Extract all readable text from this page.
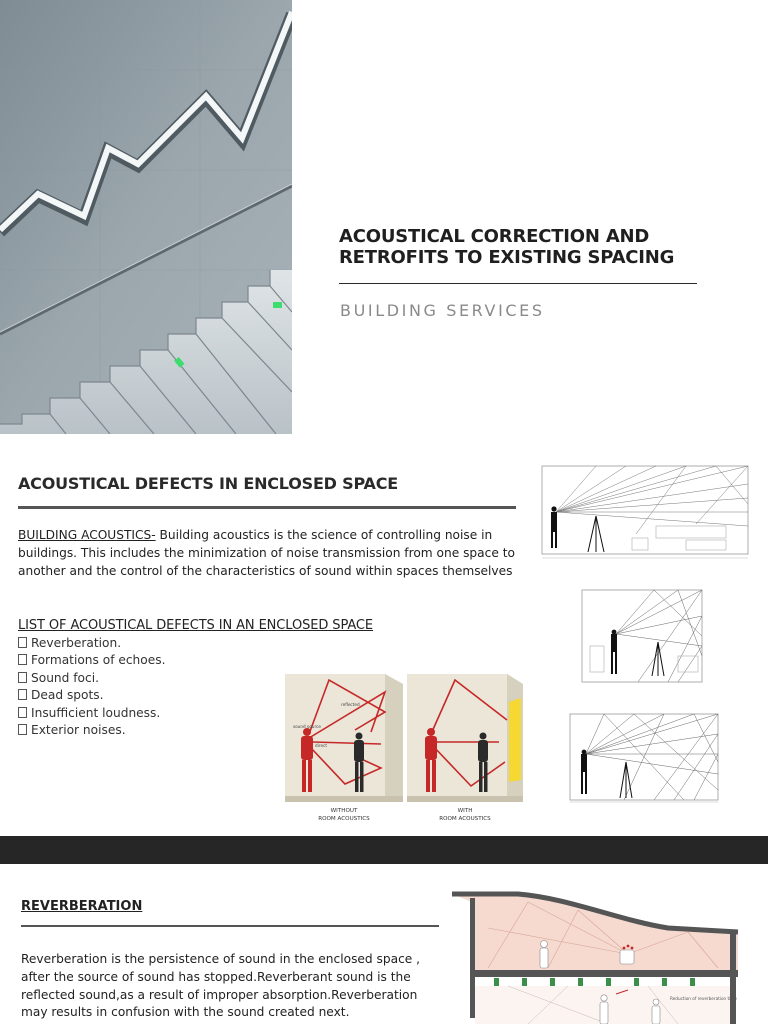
ACOUSTICAL CORRECTION AND
RETROFITS TO EXISTING SPACING
BUILDING SERVICES
ACOUSTICAL DEFECTS IN ENCLOSED SPACE

BUILDING ACOUSTICS- Building acoustics is the science of controlling noise in buildings. This includes the minimization of noise transmission from one space to another and the control of the characteristics of sound within spaces themselves

LIST OF ACOUSTICAL DEFECTS IN AN ENCLOSED SPACE
Reverberation.
Formations of echoes.
Sound foci.
Dead spots.
Insufficient loudness.
Exterior noises.	sound source
direct
reflected
WITHOUT
ROOM ACOUSTICS
WITH
ROOM ACOUSTICS
REVERBERATION

Reverberation is the persistence of sound in the enclosed space , after the source of sound has stopped.Reverberant sound is the reflected sound,as a result of improper absorption.Reverberation may results in confusion with the sound created next.

Reduction of reverberation time
